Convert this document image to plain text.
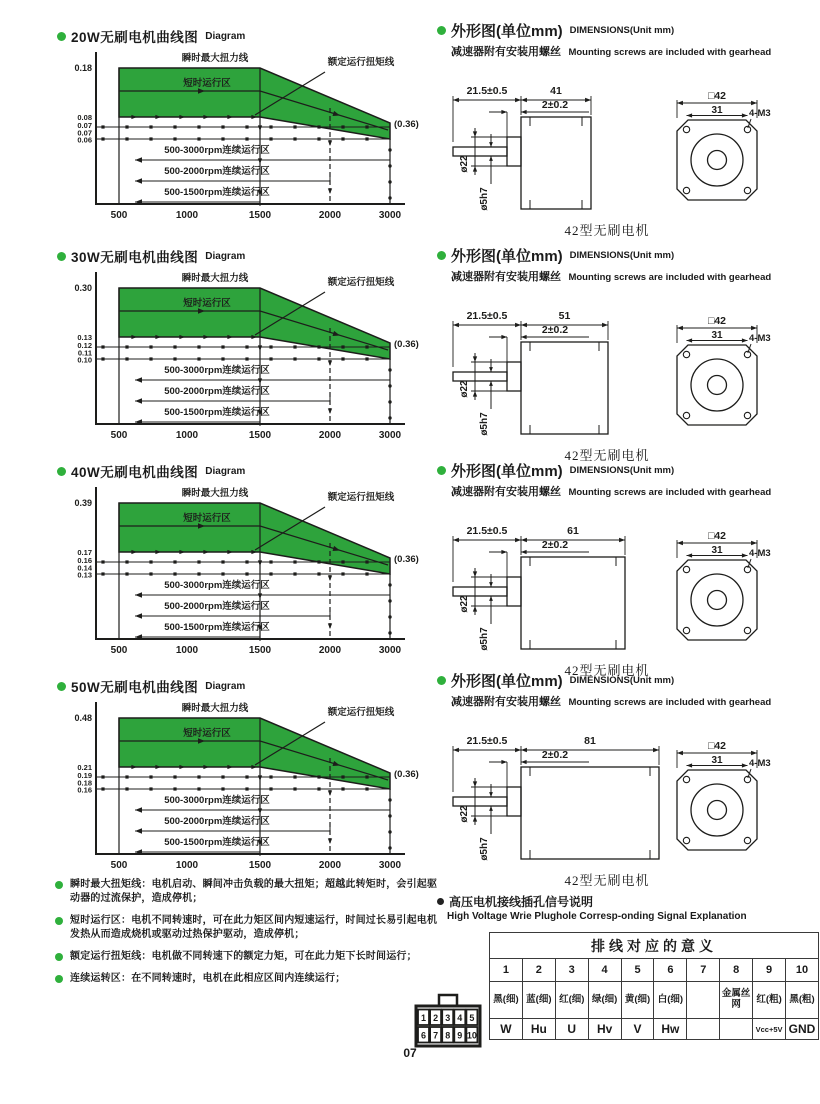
20W无刷电机曲线图 Diagram
500-3000rpm连续运行区
500-2000rpm连续运行区
500-1500rpm连续运行区
瞬时最大扭力线
短时运行区
额定运行扭矩线
(0.36)
0.18
0.08
0.07
0.07
0.06
500	1000	1500	2000	3000
30W无刷电机曲线图 Diagram
500-3000rpm连续运行区
500-2000rpm连续运行区
500-1500rpm连续运行区
瞬时最大扭力线
短时运行区
额定运行扭矩线
(0.36)
0.30
0.13
0.12
0.11
0.10
500	1000	1500	2000	3000
40W无刷电机曲线图 Diagram
500-3000rpm连续运行区
500-2000rpm连续运行区
500-1500rpm连续运行区
瞬时最大扭力线
短时运行区
额定运行扭矩线
(0.36)
0.39
0.17
0.16
0.14
0.13
500	1000	1500	2000	3000
50W无刷电机曲线图 Diagram
500-3000rpm连续运行区
500-2000rpm连续运行区
500-1500rpm连续运行区
瞬时最大扭力线
短时运行区
额定运行扭矩线
(0.36)
0.48
0.21
0.19
0.18
0.16
500	1000	1500	2000	3000
外形图(单位mm) DIMENSIONS(Unit mm)
减速器附有安装用螺丝 Mounting screws are included with gearhead
21.5±0.5	41
2±0.2
ø22
ø5h7
□42
31	4-M3
42型无刷电机
外形图(单位mm) DIMENSIONS(Unit mm)
减速器附有安装用螺丝 Mounting screws are included with gearhead
21.5±0.5	51
2±0.2
ø22
ø5h7
□42
31	4-M3
42型无刷电机
外形图(单位mm) DIMENSIONS(Unit mm)
减速器附有安装用螺丝 Mounting screws are included with gearhead
21.5±0.5	61
2±0.2
ø22
ø5h7
□42
31	4-M3
42型无刷电机
外形图(单位mm) DIMENSIONS(Unit mm)
减速器附有安装用螺丝 Mounting screws are included with gearhead
21.5±0.5	81
2±0.2
ø22
ø5h7
□42
31	4-M3
42型无刷电机

瞬时最大扭矩线：电机启动、瞬间冲击负载的最大扭矩；超越此转矩时，会引起驱动器的过流保护，造成停机；

短时运行区：电机不同转速时，可在此力矩区间内短速运行，时间过长易引起电机发热从而造成烧机或驱动过热保护驱动，造成停机；

额定运行扭矩线：电机做不同转速下的额定力矩，可在此力矩下长时间运行；

连续运转区：在不同转速时，电机在此相应区间内连续运行；

高压电机接线插孔信号说明
High Voltage Wrie Plughole Corresp-onding Signal Explanation
1 2 3 4 5
6 7 8 9 10
排线对应的意义									
1	2	3	4	5	6	7	8	9	10
黑(细)	蓝(细)	红(细)	绿(细)	黄(细)	白(细)		金属丝网	红(粗)	黑(粗)
W	Hu	U	Hv	V	Hw			Vcc+5V	GND
07
